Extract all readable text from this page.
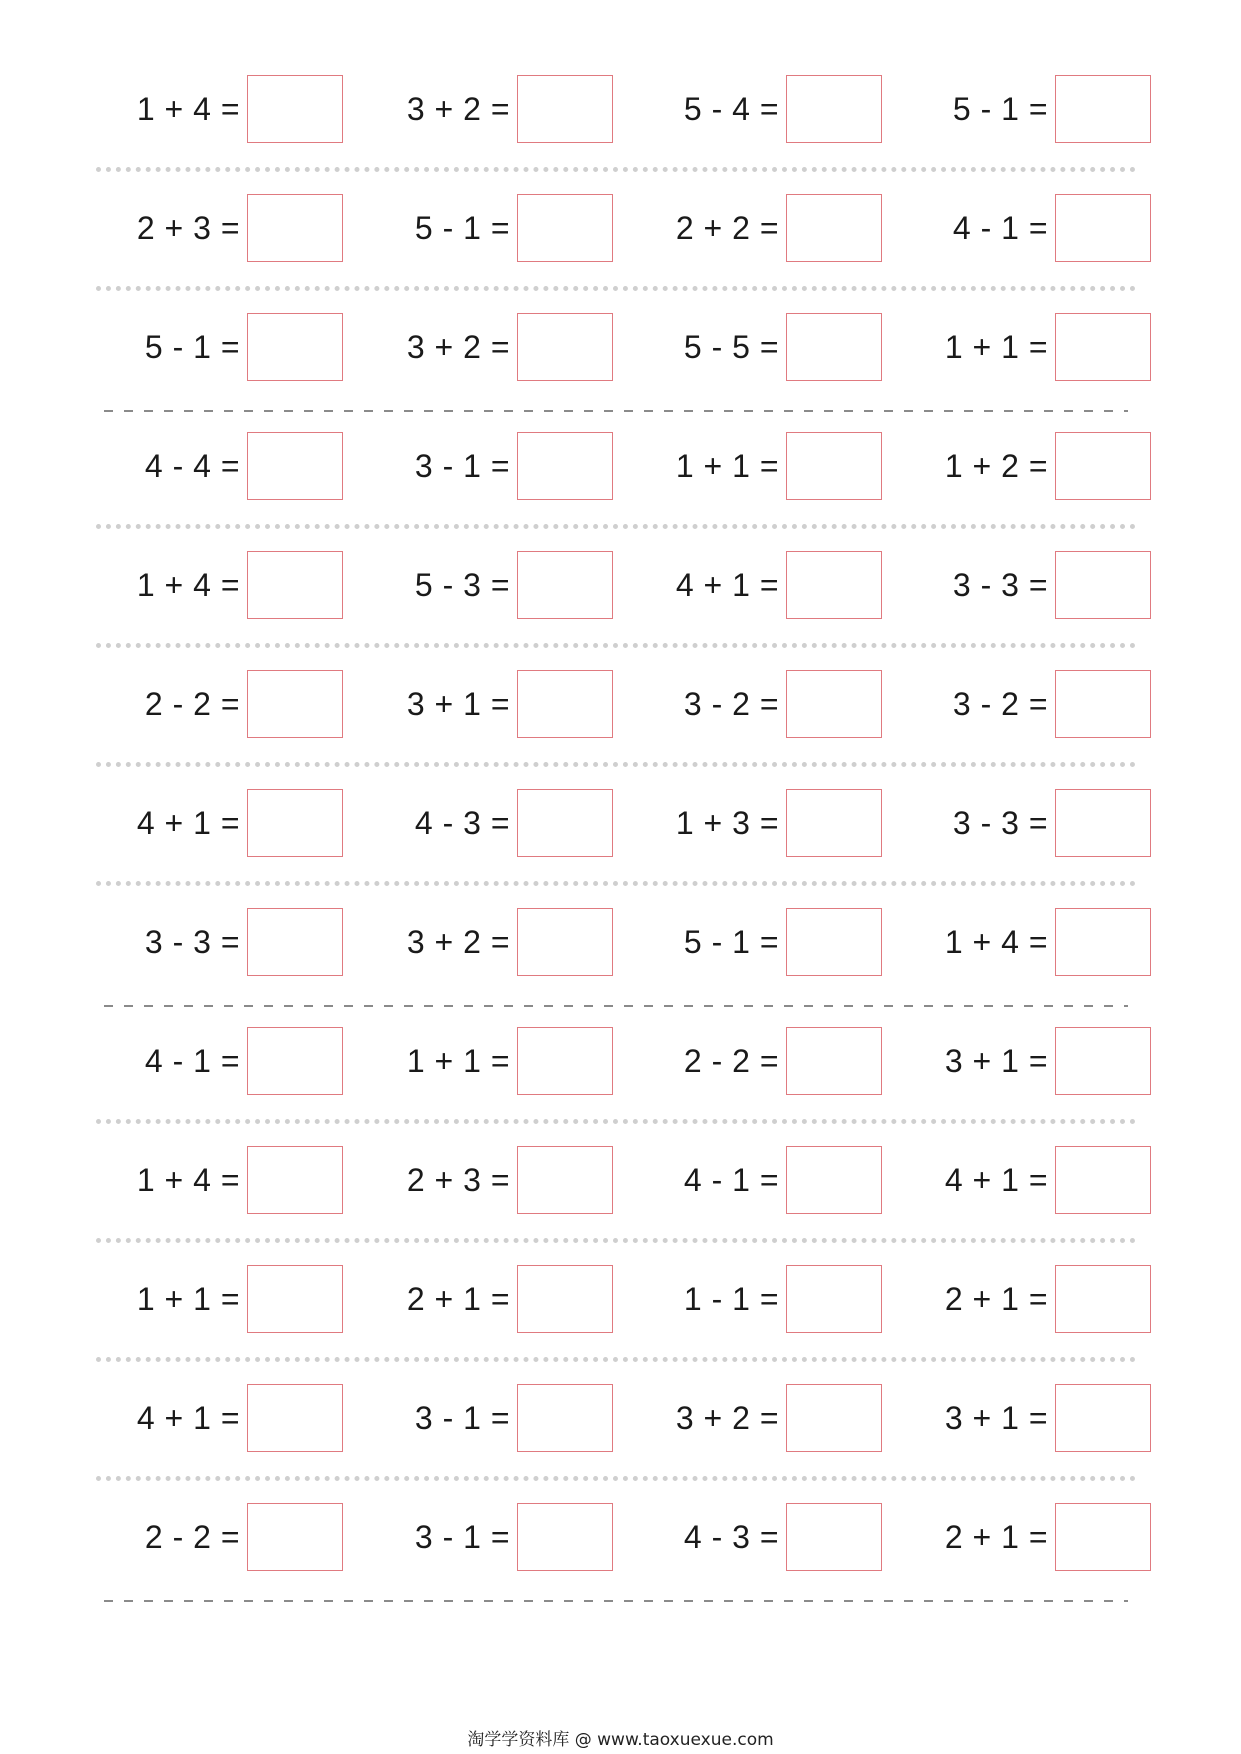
1 + 4 =	3 + 2 =	5 - 4 =	5 - 1 =
2 + 3 =	5 - 1 =	2 + 2 =	4 - 1 =
5 - 1 =	3 + 2 =	5 - 5 =	1 + 1 =
4 - 4 =	3 - 1 =	1 + 1 =	1 + 2 =
1 + 4 =	5 - 3 =	4 + 1 =	3 - 3 =
2 - 2 =	3 + 1 =	3 - 2 =	3 - 2 =
4 + 1 =	4 - 3 =	1 + 3 =	3 - 3 =
3 - 3 =	3 + 2 =	5 - 1 =	1 + 4 =
4 - 1 =	1 + 1 =	2 - 2 =	3 + 1 =
1 + 4 =	2 + 3 =	4 - 1 =	4 + 1 =
1 + 1 =	2 + 1 =	1 - 1 =	2 + 1 =
4 + 1 =	3 - 1 =	3 + 2 =	3 + 1 =
2 - 2 =	3 - 1 =	4 - 3 =	2 + 1 =
淘学学资料库 @ www.taoxuexue.com
